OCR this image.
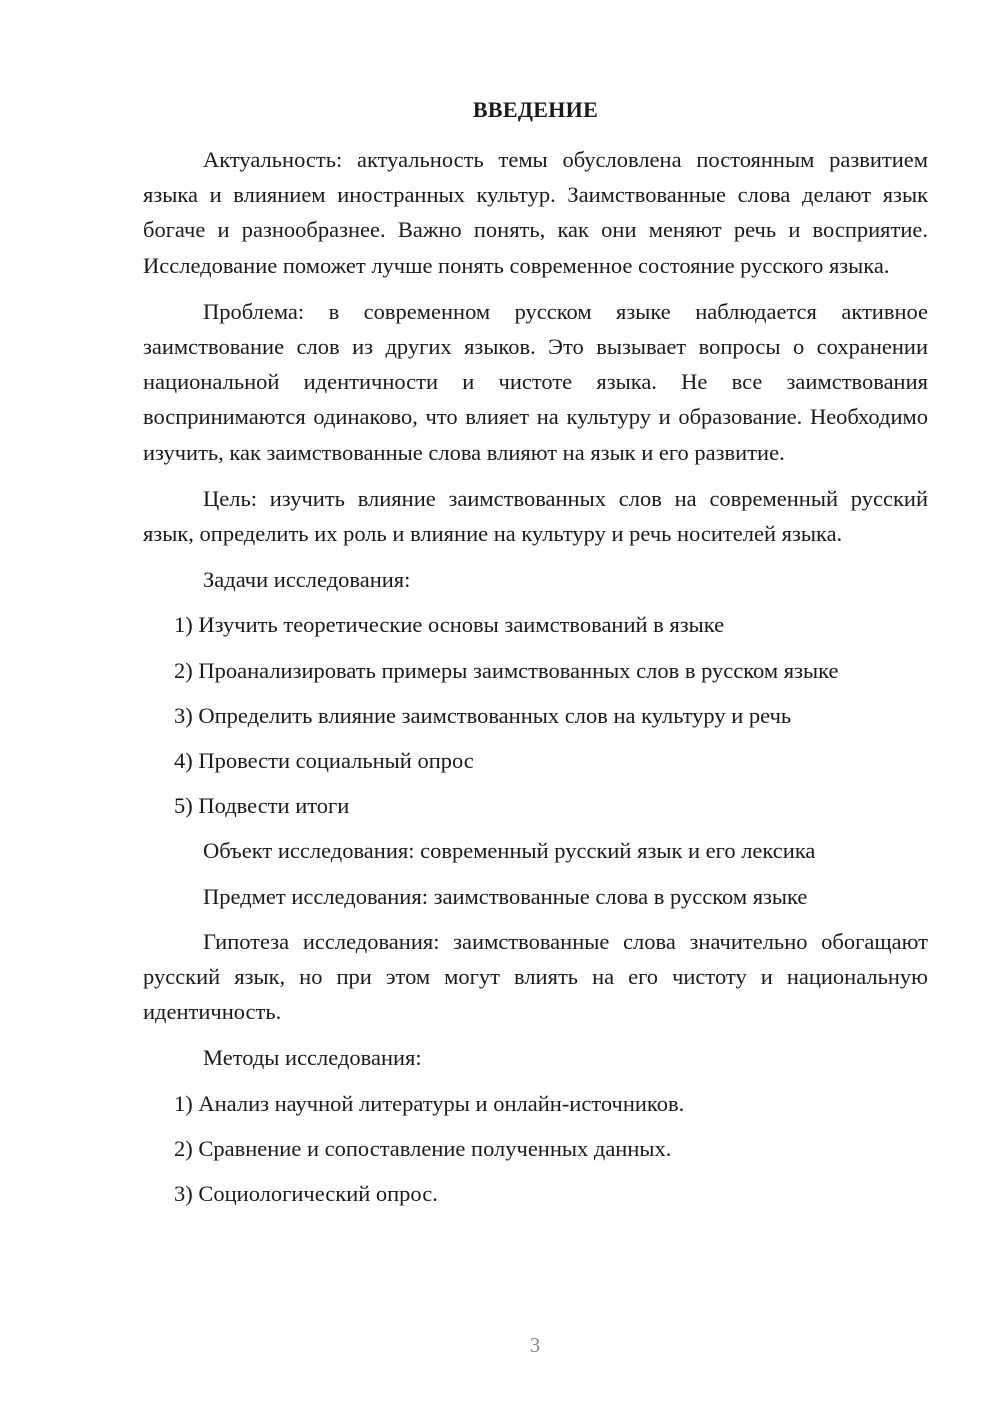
ВВЕДЕНИЕ

Актуальность: актуальность темы обусловлена постоянным развитием языка и влиянием иностранных культур. Заимствованные слова делают язык богаче и разнообразнее. Важно понять, как они меняют речь и восприятие. Исследование поможет лучше понять современное состояние русского языка.

Проблема: в современном русском языке наблюдается активное заимствование слов из других языков. Это вызывает вопросы о сохранении национальной идентичности и чистоте языка. Не все заимствования воспринимаются одинаково, что влияет на культуру и образование. Необходимо изучить, как заимствованные слова влияют на язык и его развитие.

Цель: изучить влияние заимствованных слов на современный русский язык, определить их роль и влияние на культуру и речь носителей языка.

Задачи исследования:
1) Изучить теоретические основы заимствований в языке
2) Проанализировать примеры заимствованных слов в русском языке
3) Определить влияние заимствованных слов на культуру и речь
4) Провести социальный опрос
5) Подвести итоги
Объект исследования: современный русский язык и его лексика
Предмет исследования: заимствованные слова в русском языке

Гипотеза исследования: заимствованные слова значительно обогащают русский язык, но при этом могут влиять на его чистоту и национальную идентичность.

Методы исследования:
1) Анализ научной литературы и онлайн-источников.
2) Сравнение и сопоставление полученных данных.
3) Социологический опрос.
3
